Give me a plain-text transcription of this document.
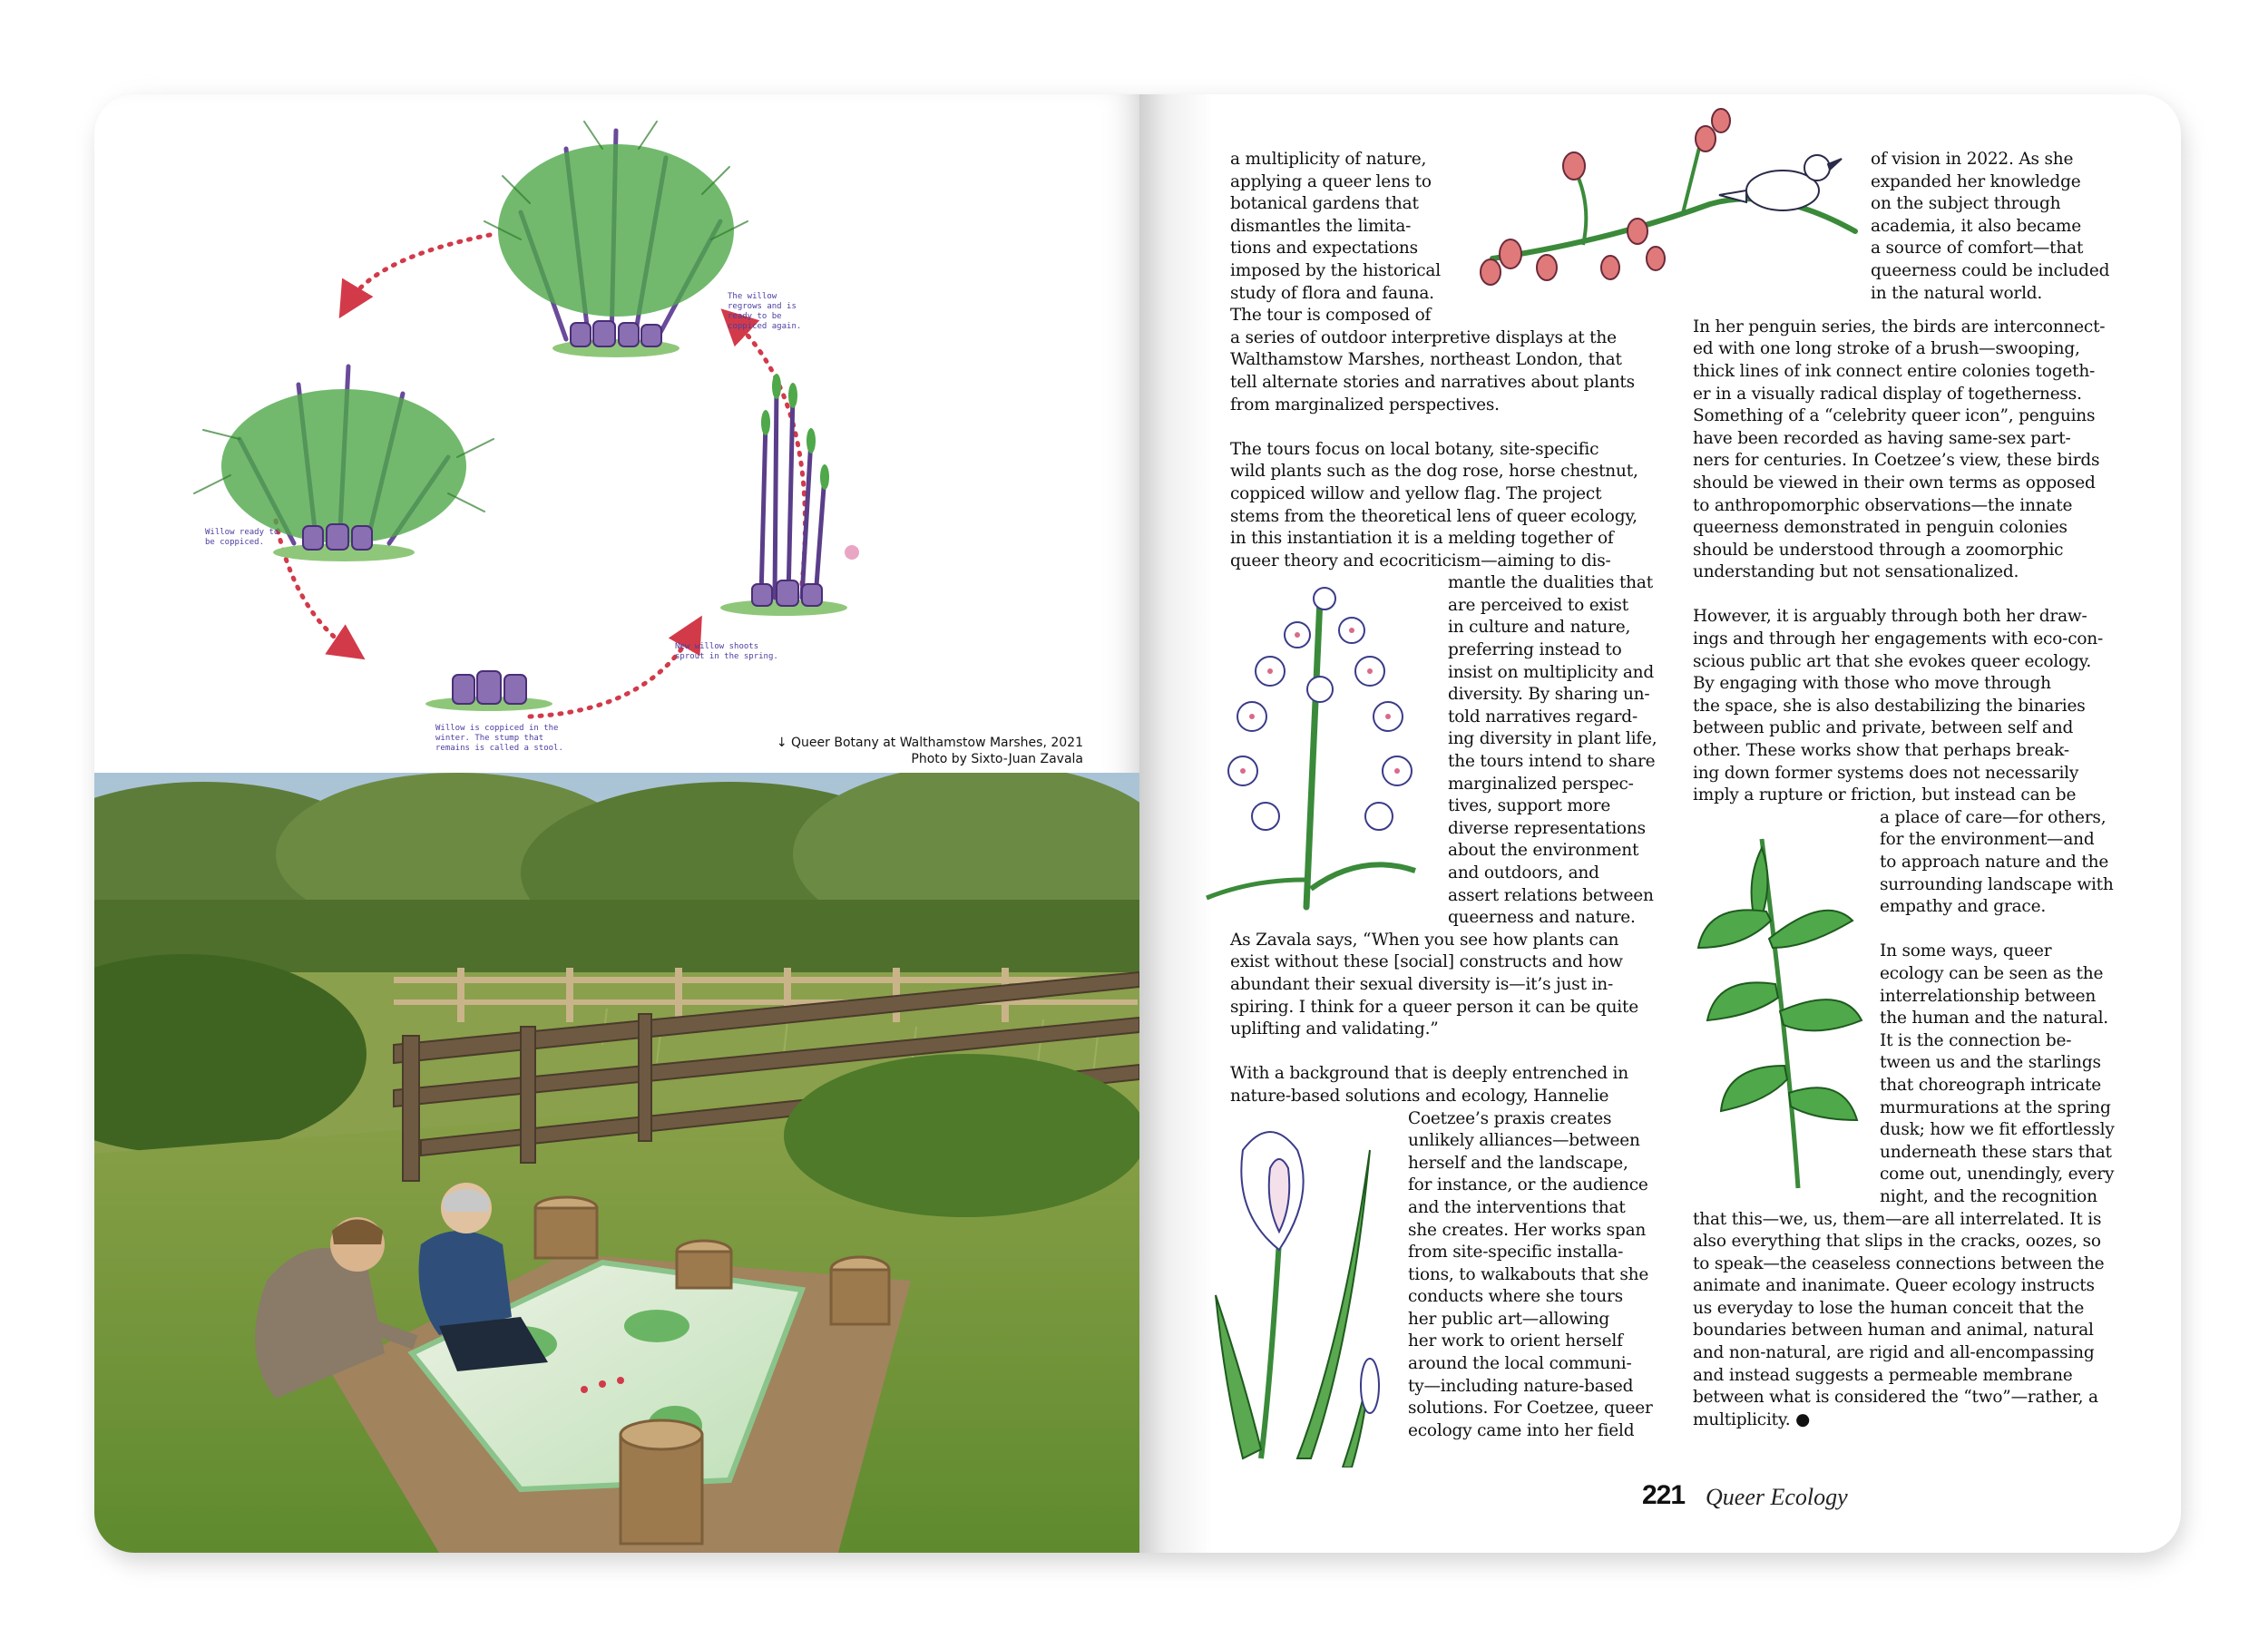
The willow
regrows and is
ready to be
coppiced again.
Willow ready to
be coppiced.
New willow shoots
sprout in the spring.
Willow is coppiced in the
winter. The stump that
remains is called a stool.	↓ Queer Botany at Walthamstow Marshes, 2021
Photo by Sixto-Juan Zavala
a multiplicity of nature,
applying a queer lens to
botanical gardens that
dismantles the limita-
tions and expectations
imposed by the historical
study of flora and fauna.
The tour is composed of

a series of outdoor interpretive displays at the
Walthamstow Marshes, northeast London, that
tell alternate stories and narratives about plants
from marginalized perspectives.

The tours focus on local botany, site-specific
wild plants such as the dog rose, horse chestnut,
coppiced willow and yellow flag. The project
stems from the theoretical lens of queer ecology,
in this instantiation it is a melding together of
queer theory and ecocriticism—aiming to dis-
mantle the dualities that
are perceived to exist
in culture and nature,
preferring instead to
insist on multiplicity and
diversity. By sharing un-
told narratives regard-
ing diversity in plant life,
the tours intend to share
marginalized perspec-
tives, support more
diverse representations
about the environment
and outdoors, and
assert relations between
queerness and nature.

As Zavala says, “When you see how plants can
exist without these [social] constructs and how
abundant their sexual diversity is—it’s just in-
spiring. I think for a queer person it can be quite
uplifting and validating.”

With a background that is deeply entrenched in
nature-based solutions and ecology, Hannelie
Coetzee’s praxis creates
unlikely alliances—between
herself and the landscape,
for instance, or the audience
and the interventions that
she creates. Her works span
from site-specific installa-
tions, to walkabouts that she
conducts where she tours
her public art—allowing
her work to orient herself
around the local communi-
ty—including nature-based
solutions. For Coetzee, queer
ecology came into her field

of vision in 2022. As she
expanded her knowledge
on the subject through
academia, it also became
a source of comfort—that
queerness could be included
in the natural world.

In her penguin series, the birds are interconnect-
ed with one long stroke of a brush—swooping,
thick lines of ink connect entire colonies togeth-
er in a visually radical display of togetherness.
Something of a “celebrity queer icon”, penguins
have been recorded as having same-sex part-
ners for centuries. In Coetzee’s view, these birds
should be viewed in their own terms as opposed
to anthropomorphic observations—the innate
queerness demonstrated in penguin colonies
should be understood through a zoomorphic
understanding but not sensationalized.

However, it is arguably through both her draw-
ings and through her engagements with eco-con-
scious public art that she evokes queer ecology.
By engaging with those who move through
the space, she is also destabilizing the binaries
between public and private, between self and
other. These works show that perhaps break-
ing down former systems does not necessarily
imply a rupture or friction, but instead can be

a place of care—for others,
for the environment—and
to approach nature and the
surrounding landscape with
empathy and grace.

In some ways, queer
ecology can be seen as the
interrelationship between
the human and the natural.
It is the connection be-
tween us and the starlings
that choreograph intricate
murmurations at the spring
dusk; how we fit effortlessly
underneath these stars that
come out, unendingly, every
night, and the recognition
that this—we, us, them—are all interrelated. It is
also everything that slips in the cracks, oozes, so
to speak—the ceaseless connections between the
animate and inanimate. Queer ecology instructs
us everyday to lose the human conceit that the
boundaries between human and animal, natural
and non-natural, are rigid and all-encompassing
and instead suggests a permeable membrane
between what is considered the “two”—rather, a
multiplicity. ●
221 Queer Ecology
